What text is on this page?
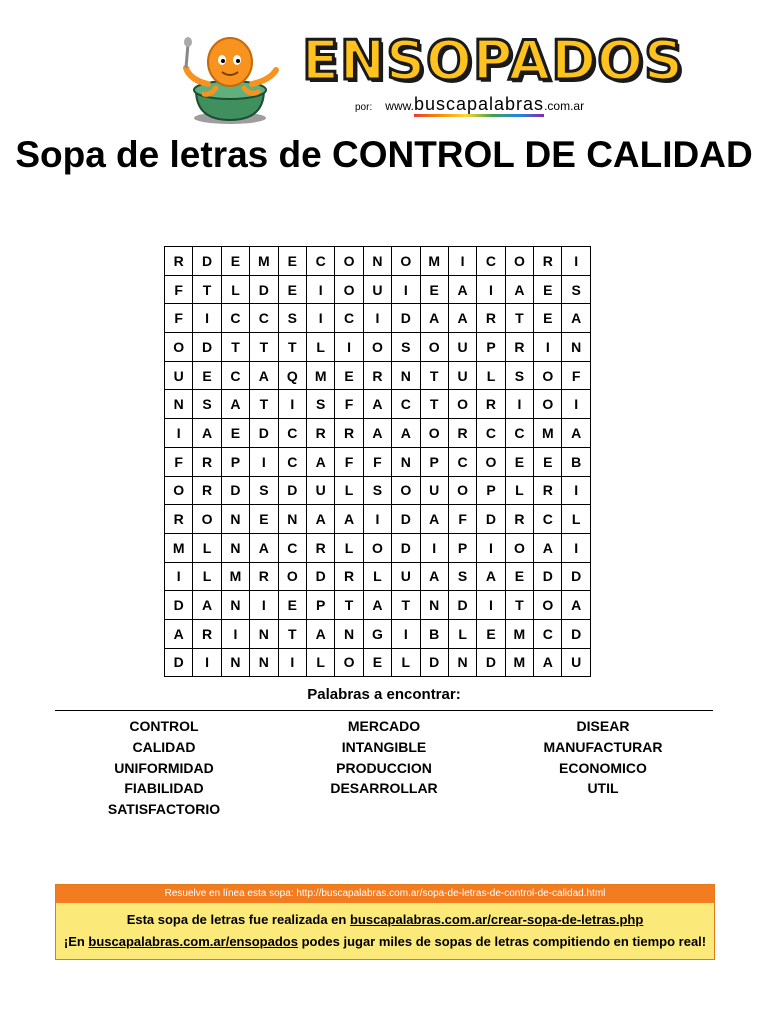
ENSOPADOS
por: www.buscapalabras.com.ar
Sopa de letras de CONTROL DE CALIDAD
R	D	E	M	E	C	O	N	O	M	I	C	O	R	I
F	T	L	D	E	I	O	U	I	E	A	I	A	E	S
F	I	C	C	S	I	C	I	D	A	A	R	T	E	A
O	D	T	T	T	L	I	O	S	O	U	P	R	I	N
U	E	C	A	Q	M	E	R	N	T	U	L	S	O	F
N	S	A	T	I	S	F	A	C	T	O	R	I	O	I
I	A	E	D	C	R	R	A	A	O	R	C	C	M	A
F	R	P	I	C	A	F	F	N	P	C	O	E	E	B
O	R	D	S	D	U	L	S	O	U	O	P	L	R	I
R	O	N	E	N	A	A	I	D	A	F	D	R	C	L
M	L	N	A	C	R	L	O	D	I	P	I	O	A	I
I	L	M	R	O	D	R	L	U	A	S	A	E	D	D
D	A	N	I	E	P	T	A	T	N	D	I	T	O	A
A	R	I	N	T	A	N	G	I	B	L	E	M	C	D
D	I	N	N	I	L	O	E	L	D	N	D	M	A	U
Palabras a encontrar:
CONTROL
CALIDAD
UNIFORMIDAD
FIABILIDAD
SATISFACTORIO
MERCADO
INTANGIBLE
PRODUCCION
DESARROLLAR
DISEAR
MANUFACTURAR
ECONOMICO
UTIL
Resuelve en línea esta sopa: http://buscapalabras.com.ar/sopa-de-letras-de-control-de-calidad.html
Esta sopa de letras fue realizada en buscapalabras.com.ar/crear-sopa-de-letras.php
¡En buscapalabras.com.ar/ensopados podes jugar miles de sopas de letras compitiendo en tiempo real!
